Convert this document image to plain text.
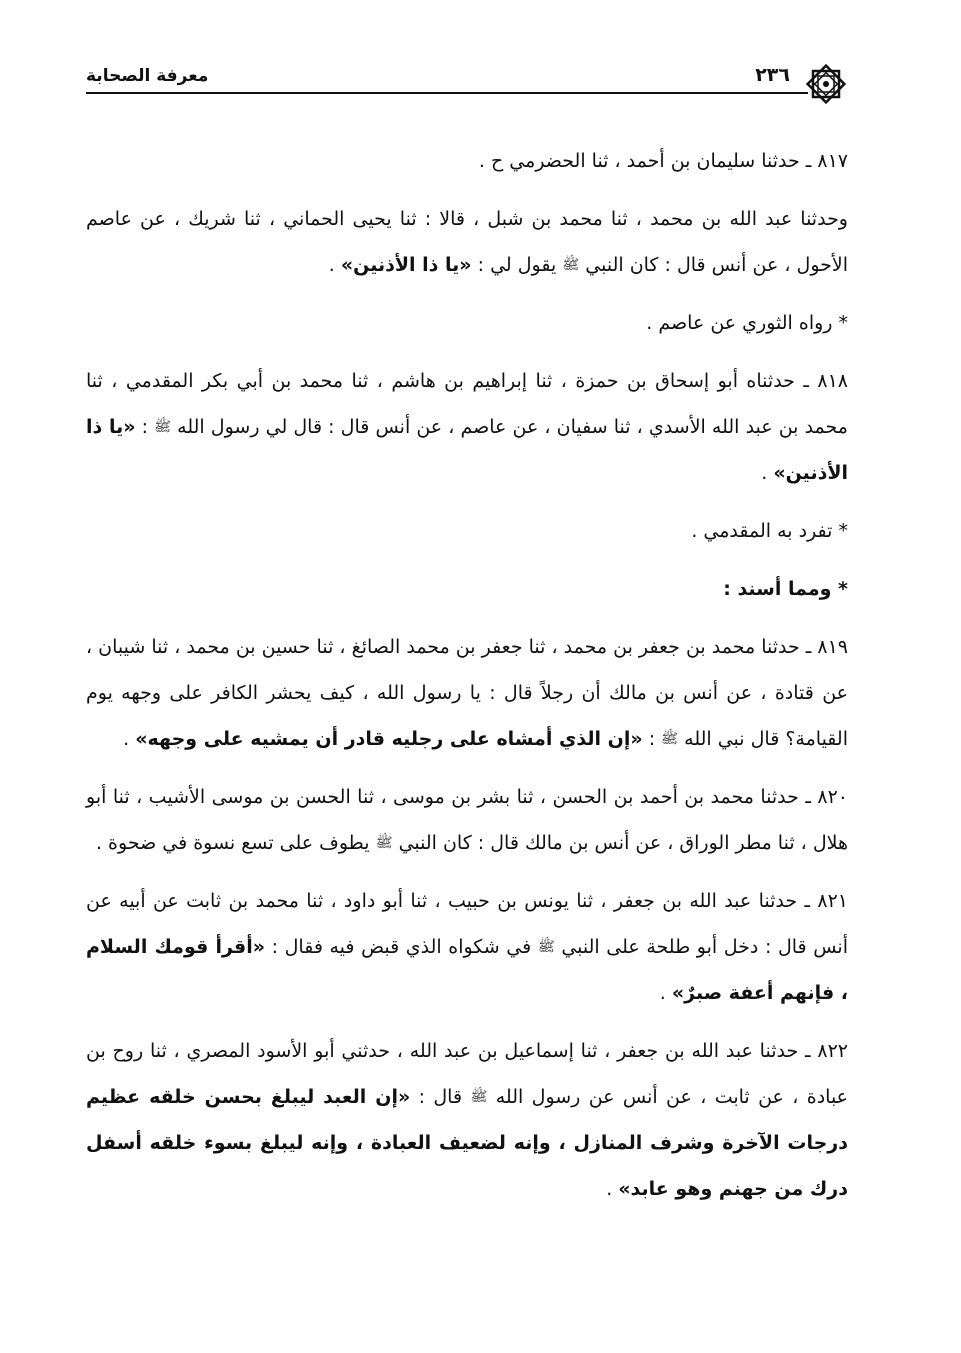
معرفة الصحابة	٢٣٦

٨١٧ ـ حدثنا سليمان بن أحمد ، ثنا الحضرمي ح .

وحدثنا عبد الله بن محمد ، ثنا محمد بن شبل ، قالا : ثنا يحيى الحماني ، ثنا شريك ، عن عاصم الأحول ، عن أنس قال : كان النبي ﷺ يقول لي : «يا ذا الأذنين» .

* رواه الثوري عن عاصم .

٨١٨ ـ حدثناه أبو إسحاق بن حمزة ، ثنا إبراهيم بن هاشم ، ثنا محمد بن أبي بكر المقدمي ، ثنا محمد بن عبد الله الأسدي ، ثنا سفيان ، عن عاصم ، عن أنس قال : قال لي رسول الله ﷺ : «يا ذا الأذنين» .

* تفرد به المقدمي .

* ومما أسند :

٨١٩ ـ حدثنا محمد بن جعفر بن محمد ، ثنا جعفر بن محمد الصائغ ، ثنا حسين بن محمد ، ثنا شيبان ، عن قتادة ، عن أنس بن مالك أن رجلاً قال : يا رسول الله ، كيف يحشر الكافر على وجهه يوم القيامة؟ قال نبي الله ﷺ : «إن الذي أمشاه على رجليه قادر أن يمشيه على وجهه» .

٨٢٠ ـ حدثنا محمد بن أحمد بن الحسن ، ثنا بشر بن موسى ، ثنا الحسن بن موسى الأشيب ، ثنا أبو هلال ، ثنا مطر الوراق ، عن أنس بن مالك قال : كان النبي ﷺ يطوف على تسع نسوة في ضحوة .

٨٢١ ـ حدثنا عبد الله بن جعفر ، ثنا يونس بن حبيب ، ثنا أبو داود ، ثنا محمد بن ثابت عن أبيه عن أنس قال : دخل أبو طلحة على النبي ﷺ في شكواه الذي قبض فيه فقال : «أقرأ قومك السلام ، فإنهم أعفة صبرٌ» .

٨٢٢ ـ حدثنا عبد الله بن جعفر ، ثنا إسماعيل بن عبد الله ، حدثني أبو الأسود المصري ، ثنا روح بن عبادة ، عن ثابت ، عن أنس عن رسول الله ﷺ قال : «إن العبد ليبلغ بحسن خلقه عظيم درجات الآخرة وشرف المنازل ، وإنه لضعيف العبادة ، وإنه ليبلغ بسوء خلقه أسفل درك من جهنم وهو عابد» .
